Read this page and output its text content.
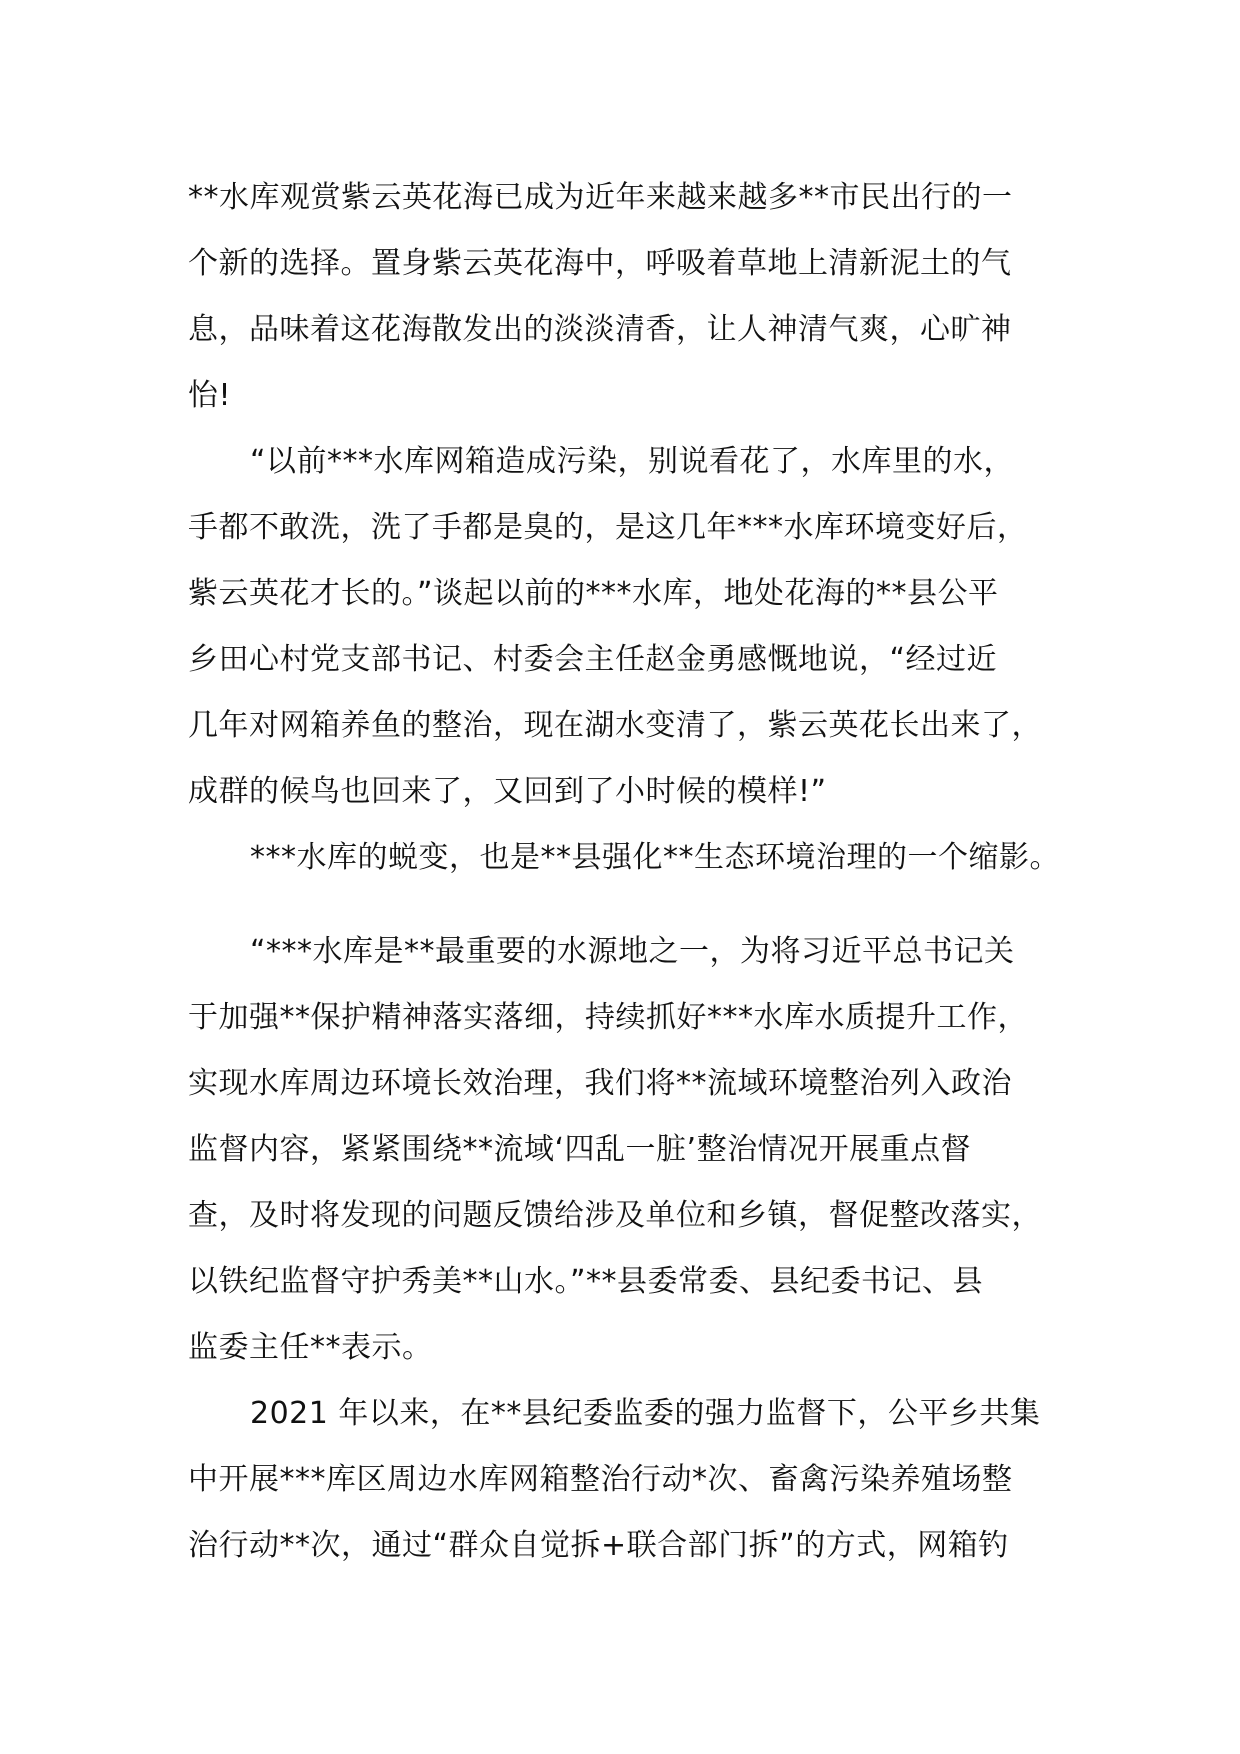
**水库观赏紫云英花海已成为近年来越来越多**市民出行的一
个新的选择。置身紫云英花海中，呼吸着草地上清新泥土的气
息，品味着这花海散发出的淡淡清香，让人神清气爽，心旷神
怡!
“以前***水库网箱造成污染，别说看花了，水库里的水，
手都不敢洗，洗了手都是臭的，是这几年***水库环境变好后，
紫云英花才长的。”谈起以前的***水库，地处花海的**县公平
乡田心村党支部书记、村委会主任赵金勇感慨地说，“经过近
几年对网箱养鱼的整治，现在湖水变清了，紫云英花长出来了，
成群的候鸟也回来了，又回到了小时候的模样!”
***水库的蜕变，也是**县强化**生态环境治理的一个缩影。
“***水库是**最重要的水源地之一，为将习近平总书记关
于加强**保护精神落实落细，持续抓好***水库水质提升工作，
实现水库周边环境长效治理，我们将**流域环境整治列入政治
监督内容，紧紧围绕**流域‘四乱一脏’整治情况开展重点督
查，及时将发现的问题反馈给涉及单位和乡镇，督促整改落实，
以铁纪监督守护秀美**山水。”**县委常委、县纪委书记、县
监委主任**表示。
2021 年以来，在**县纪委监委的强力监督下，公平乡共集
中开展***库区周边水库网箱整治行动*次、畜禽污染养殖场整
治行动**次，通过“群众自觉拆+联合部门拆”的方式，网箱钓
